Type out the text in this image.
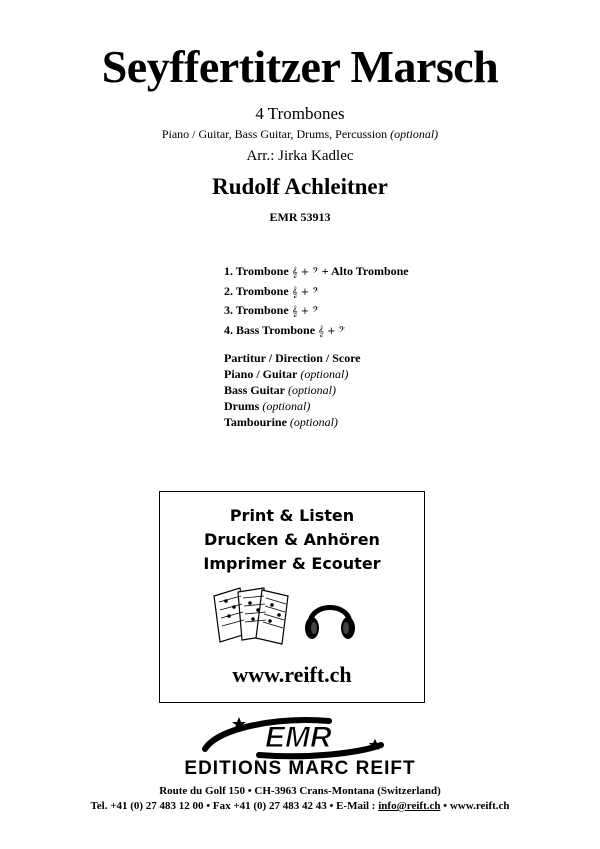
Seyffertitzer Marsch
4 Trombones
Piano / Guitar, Bass Guitar, Drums, Percussion (optional)
Arr.: Jirka Kadlec
Rudolf Achleitner
EMR 53913
1. Trombone 𝄞 + 𝄢 + Alto Trombone
2. Trombone 𝄞 + 𝄢
3. Trombone 𝄞 + 𝄢
4. Bass Trombone 𝄞 + 𝄢
Partitur / Direction / Score
Piano / Guitar (optional)
Bass Guitar (optional)
Drums (optional)
Tambourine (optional)
Print & Listen
Drucken & Anhören
Imprimer & Ecouter
www.reift.ch
EMR
EDITIONS MARC REIFT
Route du Golf 150 • CH-3963 Crans-Montana (Switzerland)
Tel. +41 (0) 27 483 12 00 • Fax +41 (0) 27 483 42 43 • E-Mail : info@reift.ch • www.reift.ch
